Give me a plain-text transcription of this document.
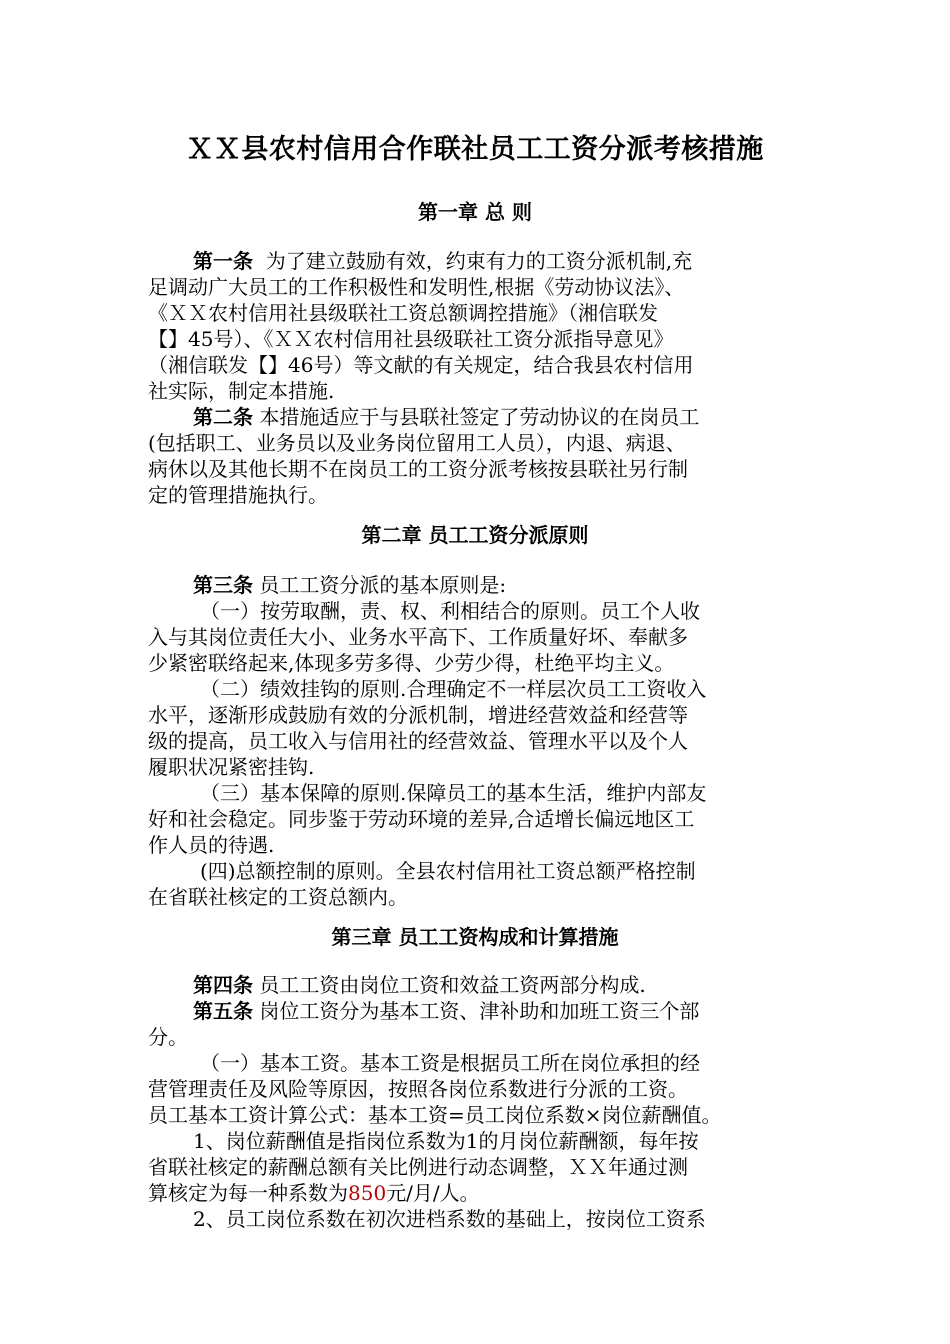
ＸＸ县农村信用合作联社员工工资分派考核措施
第一章 总 则
第一条 为了建立鼓励有效，约束有力的工资分派机制,充
足调动广大员工的工作积极性和发明性,根据《劳动协议法》、
《ＸＸ农村信用社县级联社工资总额调控措施》（湘信联发
【】45号）、《ＸＸ农村信用社县级联社工资分派指导意见》
（湘信联发【】46号）等文献的有关规定，结合我县农村信用
社实际，制定本措施.
第二条 本措施适应于与县联社签定了劳动协议的在岗员工
(包括职工、业务员以及业务岗位留用工人员），内退、病退、
病休以及其他长期不在岗员工的工资分派考核按县联社另行制
定的管理措施执行。
第二章 员工工资分派原则
第三条 员工工资分派的基本原则是:
（一）按劳取酬，责、权、利相结合的原则。员工个人收
入与其岗位责任大小、业务水平高下、工作质量好坏、奉献多
少紧密联络起来,体现多劳多得、少劳少得，杜绝平均主义。
（二）绩效挂钩的原则.合理确定不一样层次员工工资收入
水平，逐渐形成鼓励有效的分派机制，增进经营效益和经营等
级的提高，员工收入与信用社的经营效益、管理水平以及个人
履职状况紧密挂钩.
（三）基本保障的原则.保障员工的基本生活，维护内部友
好和社会稳定。同步鉴于劳动环境的差异,合适增长偏远地区工
作人员的待遇.
(四)总额控制的原则。全县农村信用社工资总额严格控制
在省联社核定的工资总额内。
第三章 员工工资构成和计算措施
第四条 员工工资由岗位工资和效益工资两部分构成.
第五条 岗位工资分为基本工资、津补助和加班工资三个部
分。
（一）基本工资。基本工资是根据员工所在岗位承担的经
营管理责任及风险等原因，按照各岗位系数进行分派的工资。
员工基本工资计算公式：基本工资=员工岗位系数×岗位薪酬值。
1、岗位薪酬值是指岗位系数为1的月岗位薪酬额，每年按
省联社核定的薪酬总额有关比例进行动态调整，ＸＸ年通过测
算核定为每一种系数为850元/月/人。
2、员工岗位系数在初次进档系数的基础上，按岗位工资系
